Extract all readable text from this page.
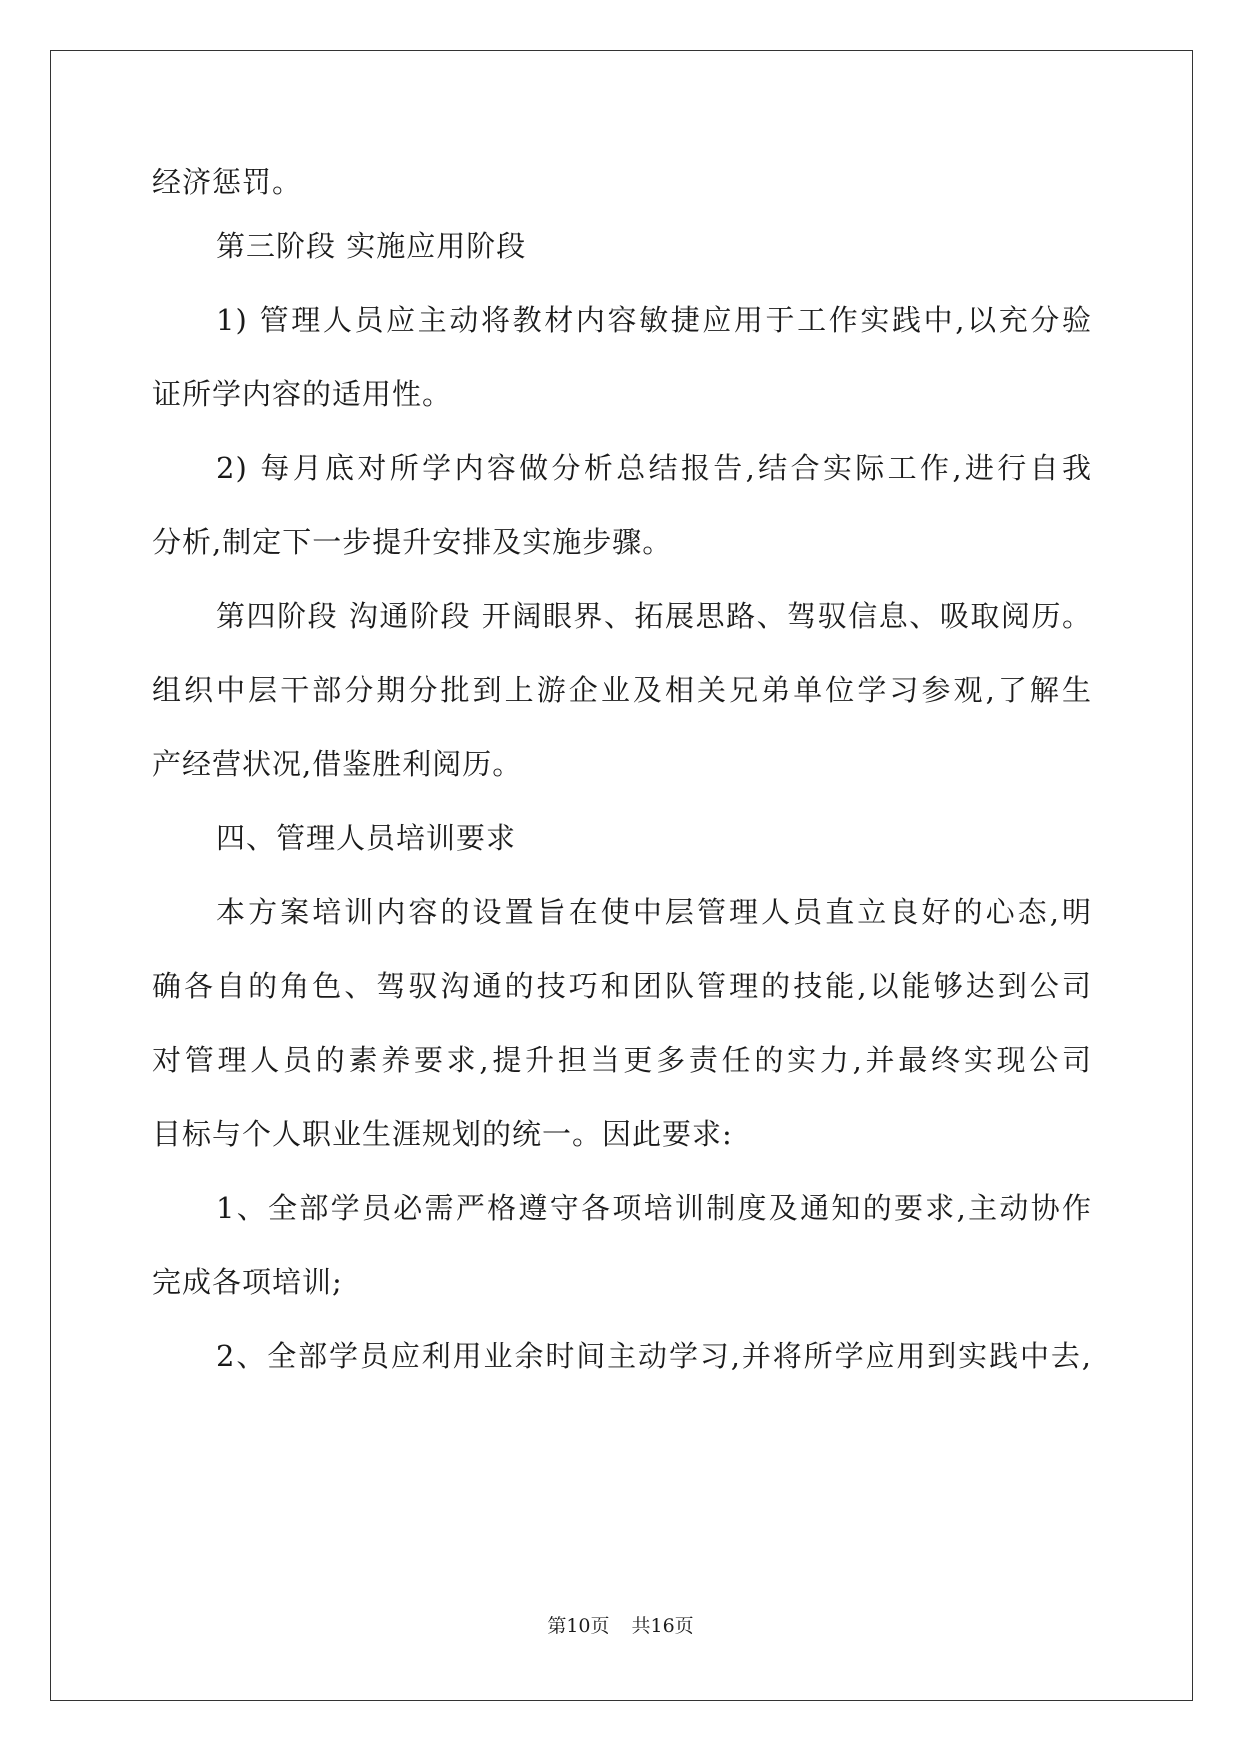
经济惩罚。
第三阶段 实施应用阶段
1) 管理人员应主动将教材内容敏捷应用于工作实践中,以充分验
证所学内容的适用性。
2) 每月底对所学内容做分析总结报告,结合实际工作,进行自我
分析,制定下一步提升安排及实施步骤。
第四阶段 沟通阶段 开阔眼界、拓展思路、驾驭信息、吸取阅历。
组织中层干部分期分批到上游企业及相关兄弟单位学习参观,了解生
产经营状况,借鉴胜利阅历。
四、管理人员培训要求
本方案培训内容的设置旨在使中层管理人员直立良好的心态,明
确各自的角色、驾驭沟通的技巧和团队管理的技能,以能够达到公司
对管理人员的素养要求,提升担当更多责任的实力,并最终实现公司
目标与个人职业生涯规划的统一。因此要求:
1、全部学员必需严格遵守各项培训制度及通知的要求,主动协作
完成各项培训;
2、全部学员应利用业余时间主动学习,并将所学应用到实践中去,
第10页 共16页
